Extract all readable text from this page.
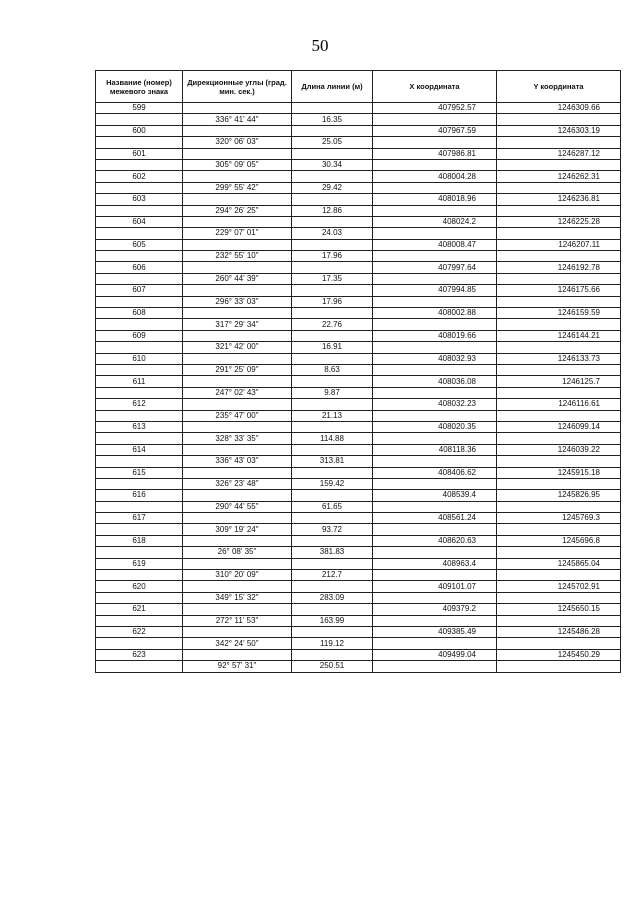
50
Название (номер) межевого знака	Дирекционные углы (град. мин. сек.)	Длина линии (м)	X координата	Y координата
599			407952.57	1246309.66
	336° 41' 44"	16.35		
600			407967.59	1246303.19
	320° 06' 03"	25.05		
601			407986.81	1246287.12
	305° 09' 05"	30.34		
602			408004.28	1246262.31
	299° 55' 42"	29.42		
603			408018.96	1246236.81
	294° 26' 25"	12.86		
604			408024.2	1246225.28
	229° 07' 01"	24.03		
605			408008.47	1246207.11
	232° 55' 10"	17.96		
606			407997.64	1246192.78
	260° 44' 39"	17.35		
607			407994.85	1246175.66
	296° 33' 03"	17.96		
608			408002.88	1246159.59
	317° 29' 34"	22.76		
609			408019.66	1246144.21
	321° 42' 00"	16.91		
610			408032.93	1246133.73
	291° 25' 09"	8.63		
611			408036.08	1246125.7
	247° 02' 43"	9.87		
612			408032.23	1246116.61
	235° 47' 00"	21.13		
613			408020.35	1246099.14
	328° 33' 35"	114.88		
614			408118.36	1246039.22
	336° 43' 03"	313.81		
615			408406.62	1245915.18
	326° 23' 48"	159.42		
616			408539.4	1245826.95
	290° 44' 55"	61.65		
617			408561.24	1245769.3
	309° 19' 24"	93.72		
618			408620.63	1245696.8
	26° 08' 35"	381.83		
619			408963.4	1245865.04
	310° 20' 09"	212.7		
620			409101.07	1245702.91
	349° 15' 32"	283.09		
621			409379.2	1245650.15
	272° 11' 53"	163.99		
622			409385.49	1245486.28
	342° 24' 50"	119.12		
623			409499.04	1245450.29
	92° 57' 31"	250.51		
